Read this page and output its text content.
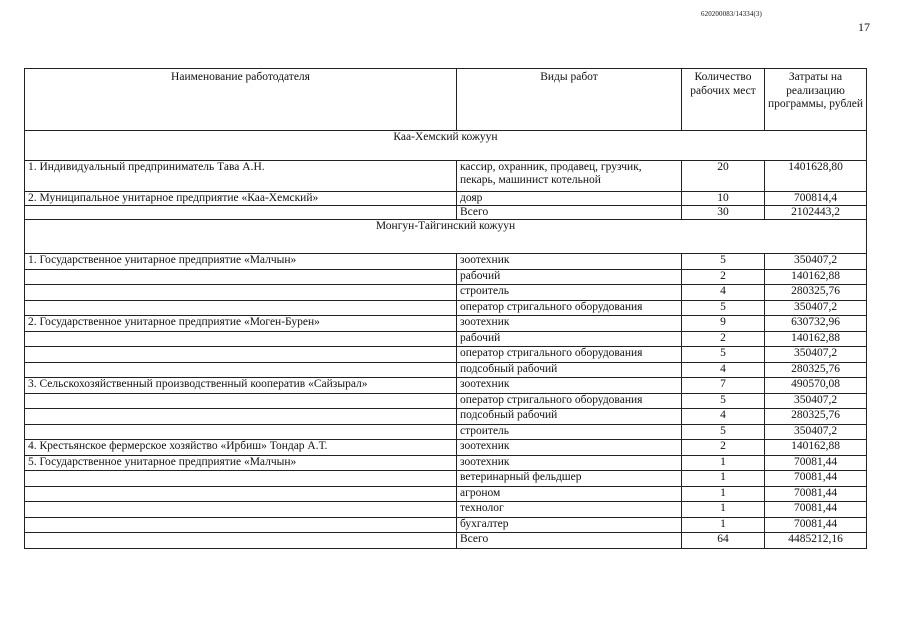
620200083/14334(3)
17
Наименование работодателя	Виды работ	Количество рабочих мест	Затраты на реализацию программы, рублей
Каа-Хемский кожуун			
1. Индивидуальный предприниматель Тава А.Н.	кассир, охранник, продавец, грузчик, пекарь, машинист котельной	20	1401628,80
2. Муниципальное унитарное предприятие «Каа-Хемский»	дояр	10	700814,4
	Всего	30	2102443,2
Монгун-Тайгинский кожуун			
1. Государственное унитарное предприятие «Малчын»	зоотехник	5	350407,2
	рабочий	2	140162,88
	строитель	4	280325,76
	оператор стригального оборудования	5	350407,2
2. Государственное унитарное предприятие «Моген-Бурен»	зоотехник	9	630732,96
	рабочий	2	140162,88
	оператор стригального оборудования	5	350407,2
	подсобный рабочий	4	280325,76
3. Сельскохозяйственный производственный кооператив «Сайзырал»	зоотехник	7	490570,08
	оператор стригального оборудования	5	350407,2
	подсобный рабочий	4	280325,76
	строитель	5	350407,2
4. Крестьянское фермерское хозяйство «Ирбиш» Тондар А.Т.	зоотехник	2	140162,88
5. Государственное унитарное предприятие «Малчын»	зоотехник	1	70081,44
	ветеринарный фельдшер	1	70081,44
	агроном	1	70081,44
	технолог	1	70081,44
	бухгалтер	1	70081,44
	Всего	64	4485212,16
